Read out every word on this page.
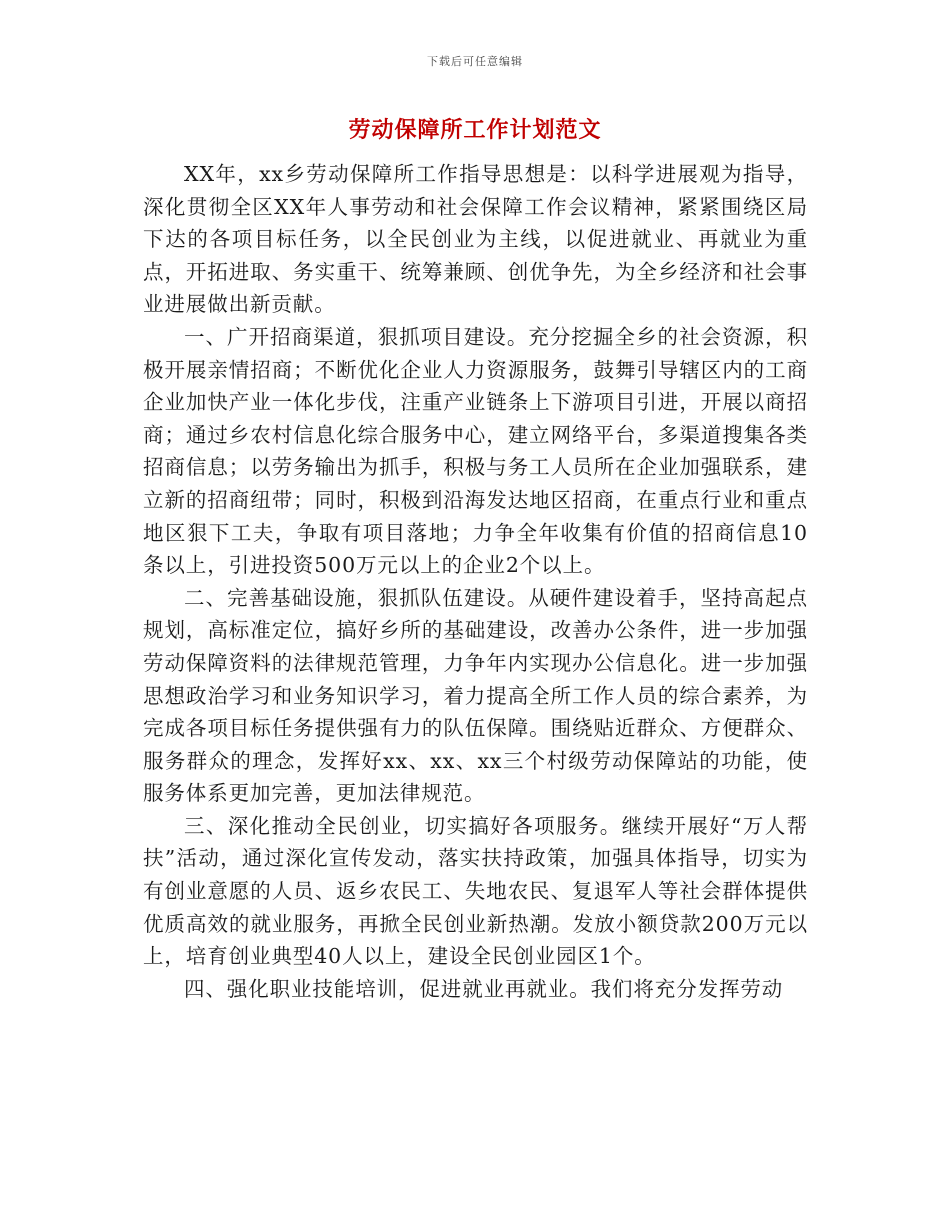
下载后可任意编辑
劳动保障所工作计划范文

XX年，xx乡劳动保障所工作指导思想是：以科学进展观为指导，深化贯彻全区XX年人事劳动和社会保障工作会议精神，紧紧围绕区局下达的各项目标任务，以全民创业为主线，以促进就业、再就业为重点，开拓进取、务实重干、统筹兼顾、创优争先，为全乡经济和社会事业进展做出新贡献。

一、广开招商渠道，狠抓项目建设。充分挖掘全乡的社会资源，积极开展亲情招商；不断优化企业人力资源服务，鼓舞引导辖区内的工商企业加快产业一体化步伐，注重产业链条上下游项目引进，开展以商招商；通过乡农村信息化综合服务中心，建立网络平台，多渠道搜集各类招商信息；以劳务输出为抓手，积极与务工人员所在企业加强联系，建立新的招商纽带；同时，积极到沿海发达地区招商，在重点行业和重点地区狠下工夫，争取有项目落地；力争全年收集有价值的招商信息10条以上，引进投资500万元以上的企业2个以上。

二、完善基础设施，狠抓队伍建设。从硬件建设着手，坚持高起点规划，高标准定位，搞好乡所的基础建设，改善办公条件，进一步加强劳动保障资料的法律规范管理，力争年内实现办公信息化。进一步加强思想政治学习和业务知识学习，着力提高全所工作人员的综合素养，为完成各项目标任务提供强有力的队伍保障。围绕贴近群众、方便群众、服务群众的理念，发挥好xx、xx、xx三个村级劳动保障站的功能，使服务体系更加完善，更加法律规范。

三、深化推动全民创业，切实搞好各项服务。继续开展好“万人帮扶”活动，通过深化宣传发动，落实扶持政策，加强具体指导，切实为有创业意愿的人员、返乡农民工、失地农民、复退军人等社会群体提供优质高效的就业服务，再掀全民创业新热潮。发放小额贷款200万元以上，培育创业典型40人以上，建设全民创业园区1个。

四、强化职业技能培训，促进就业再就业。我们将充分发挥劳动
